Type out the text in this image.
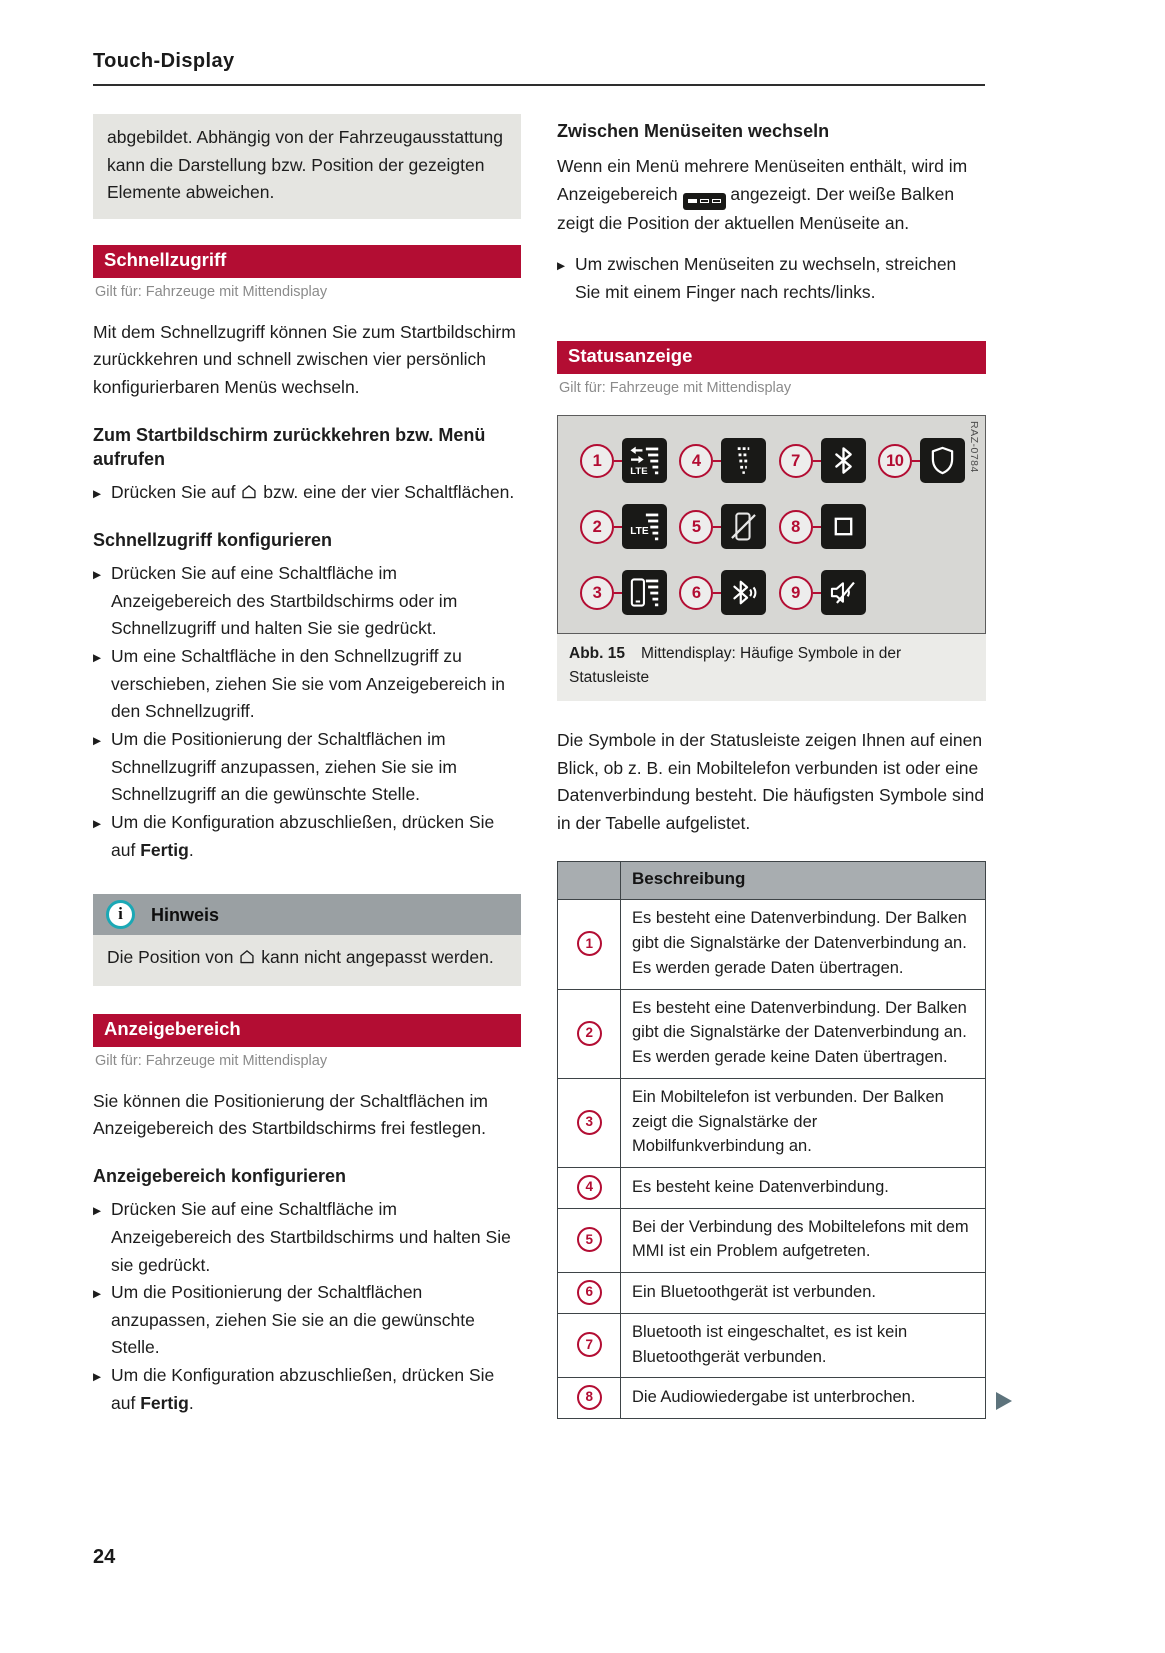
Touch-Display
abgebildet. Abhängig von der Fahrzeugausstattung kann die Darstellung bzw. Position der gezeigten Elemente abweichen.
Schnellzugriff
Gilt für: Fahrzeuge mit Mittendisplay

Mit dem Schnellzugriff können Sie zum Startbildschirm zurückkehren und schnell zwischen vier persönlich konfigurierbaren Menüs wechseln.

Zum Startbildschirm zurückkehren bzw. Menü aufrufen
▶ Drücken Sie auf
bzw. eine der vier Schaltflächen.
Schnellzugriff konfigurieren
▶ Drücken Sie auf eine Schaltfläche im Anzeigebereich des Startbildschirms oder im Schnellzugriff und halten Sie sie gedrückt.
▶ Um eine Schaltfläche in den Schnellzugriff zu verschieben, ziehen Sie sie vom Anzeigebereich in den Schnellzugriff.
▶ Um die Positionierung der Schaltflächen im Schnellzugriff anzupassen, ziehen Sie sie im Schnellzugriff an die gewünschte Stelle.
▶ Um die Konfiguration abzuschließen, drücken Sie auf Fertig.
i Hinweis
Die Position von
kann nicht angepasst werden.
Anzeigebereich
Gilt für: Fahrzeuge mit Mittendisplay

Sie können die Positionierung der Schaltflächen im Anzeigebereich des Startbildschirms frei festlegen.

Anzeigebereich konfigurieren
▶ Drücken Sie auf eine Schaltfläche im Anzeigebereich des Startbildschirms und halten Sie sie gedrückt.
▶ Um die Positionierung der Schaltflächen anzupassen, ziehen Sie sie an die gewünschte Stelle.
▶ Um die Konfiguration abzuschließen, drücken Sie auf Fertig.
Zwischen Menüseiten wechseln

Wenn ein Menü mehrere Menüseiten enthält, wird im Anzeigebereich
angezeigt. Der weiße Balken zeigt die Position der aktuellen Menüseite an.

▶ Um zwischen Menüseiten zu wechseln, streichen Sie mit einem Finger nach rechts/links.
Statusanzeige
Gilt für: Fahrzeuge mit Mittendisplay
1
LTE
4	7	10
2	LTE	5	8
3	6	9
RAZ-0784
Abb. 15 Mittendisplay: Häufige Symbole in der Statusleiste

Die Symbole in der Statusleiste zeigen Ihnen auf einen Blick, ob z. B. ein Mobiltelefon verbunden ist oder eine Datenverbindung besteht. Die häufigsten Symbole sind in der Tabelle aufgelistet.

	Beschreibung
1	Es besteht eine Datenverbindung. Der Balken gibt die Signalstärke der Datenverbindung an. Es werden gerade Daten übertragen.
2	Es besteht eine Datenverbindung. Der Balken gibt die Signalstärke der Datenverbindung an. Es werden gerade keine Daten übertragen.
3	Ein Mobiltelefon ist verbunden. Der Balken zeigt die Signalstärke der Mobilfunkverbindung an.
4	Es besteht keine Datenverbindung.
5	Bei der Verbindung des Mobiltelefons mit dem MMI ist ein Problem aufgetreten.
6	Ein Bluetoothgerät ist verbunden.
7	Bluetooth ist eingeschaltet, es ist kein Bluetoothgerät verbunden.
8	Die Audiowiedergabe ist unterbrochen.
24
